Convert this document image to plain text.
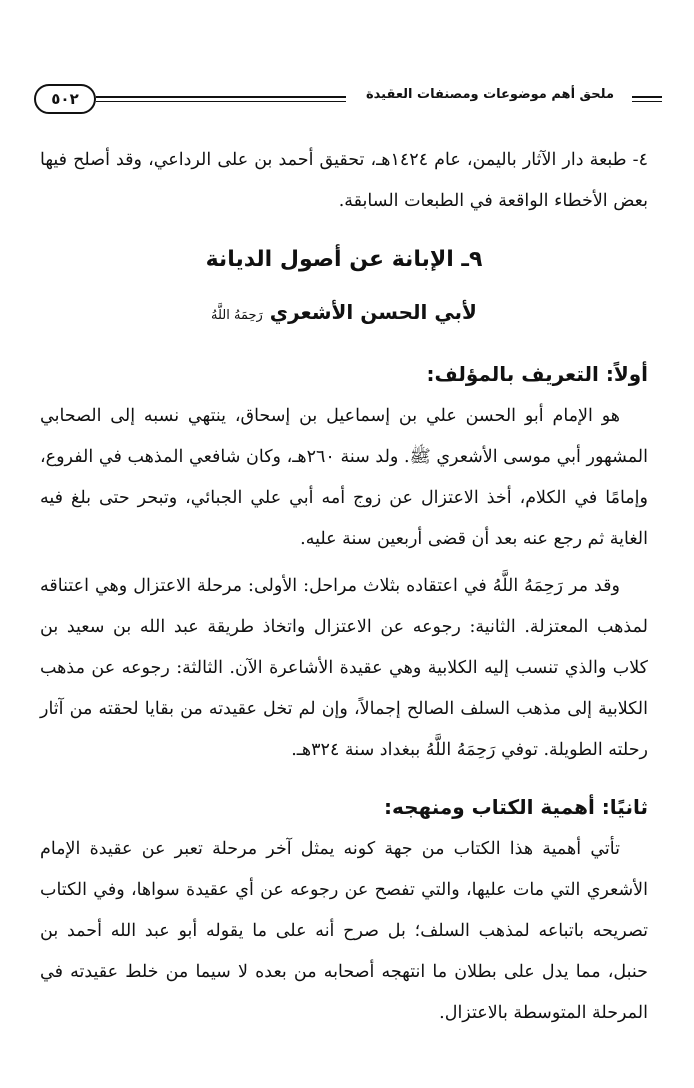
٥٠٢	ملحق أهم موضوعات ومصنفات العقيدة

٤- طبعة دار الآثار باليمن، عام ١٤٢٤هـ، تحقيق أحمد بن على الرداعي، وقد أصلح فيها بعض الأخطاء الواقعة في الطبعات السابقة.

٩ـ الإبانة عن أصول الديانة

لأبي الحسن الأشعري رَحِمَهُ اللَّهُ

أولاً: التعريف بالمؤلف:

هو الإمام أبو الحسن علي بن إسماعيل بن إسحاق، ينتهي نسبه إلى الصحابي المشهور أبي موسى الأشعري ﷺ. ولد سنة ٢٦٠هـ، وكان شافعي المذهب في الفروع، وإمامًا في الكلام، أخذ الاعتزال عن زوج أمه أبي علي الجبائي، وتبحر حتى بلغ فيه الغاية ثم رجع عنه بعد أن قضى أربعين سنة عليه.

وقد مر رَحِمَهُ اللَّهُ في اعتقاده بثلاث مراحل: الأولى: مرحلة الاعتزال وهي اعتناقه لمذهب المعتزلة. الثانية: رجوعه عن الاعتزال واتخاذ طريقة عبد الله بن سعيد بن كلاب والذي تنسب إليه الكلابية وهي عقيدة الأشاعرة الآن. الثالثة: رجوعه عن مذهب الكلابية إلى مذهب السلف الصالح إجمالاً، وإن لم تخل عقيدته من بقايا لحقته من آثار رحلته الطويلة. توفي رَحِمَهُ اللَّهُ ببغداد سنة ٣٢٤هـ.

ثانيًا: أهمية الكتاب ومنهجه:

تأتي أهمية هذا الكتاب من جهة كونه يمثل آخر مرحلة تعبر عن عقيدة الإمام الأشعري التي مات عليها، والتي تفصح عن رجوعه عن أي عقيدة سواها، وفي الكتاب تصريحه باتباعه لمذهب السلف؛ بل صرح أنه على ما يقوله أبو عبد الله أحمد بن حنبل، مما يدل على بطلان ما انتهجه أصحابه من بعده لا سيما من خلط عقيدته في المرحلة المتوسطة بالاعتزال.
